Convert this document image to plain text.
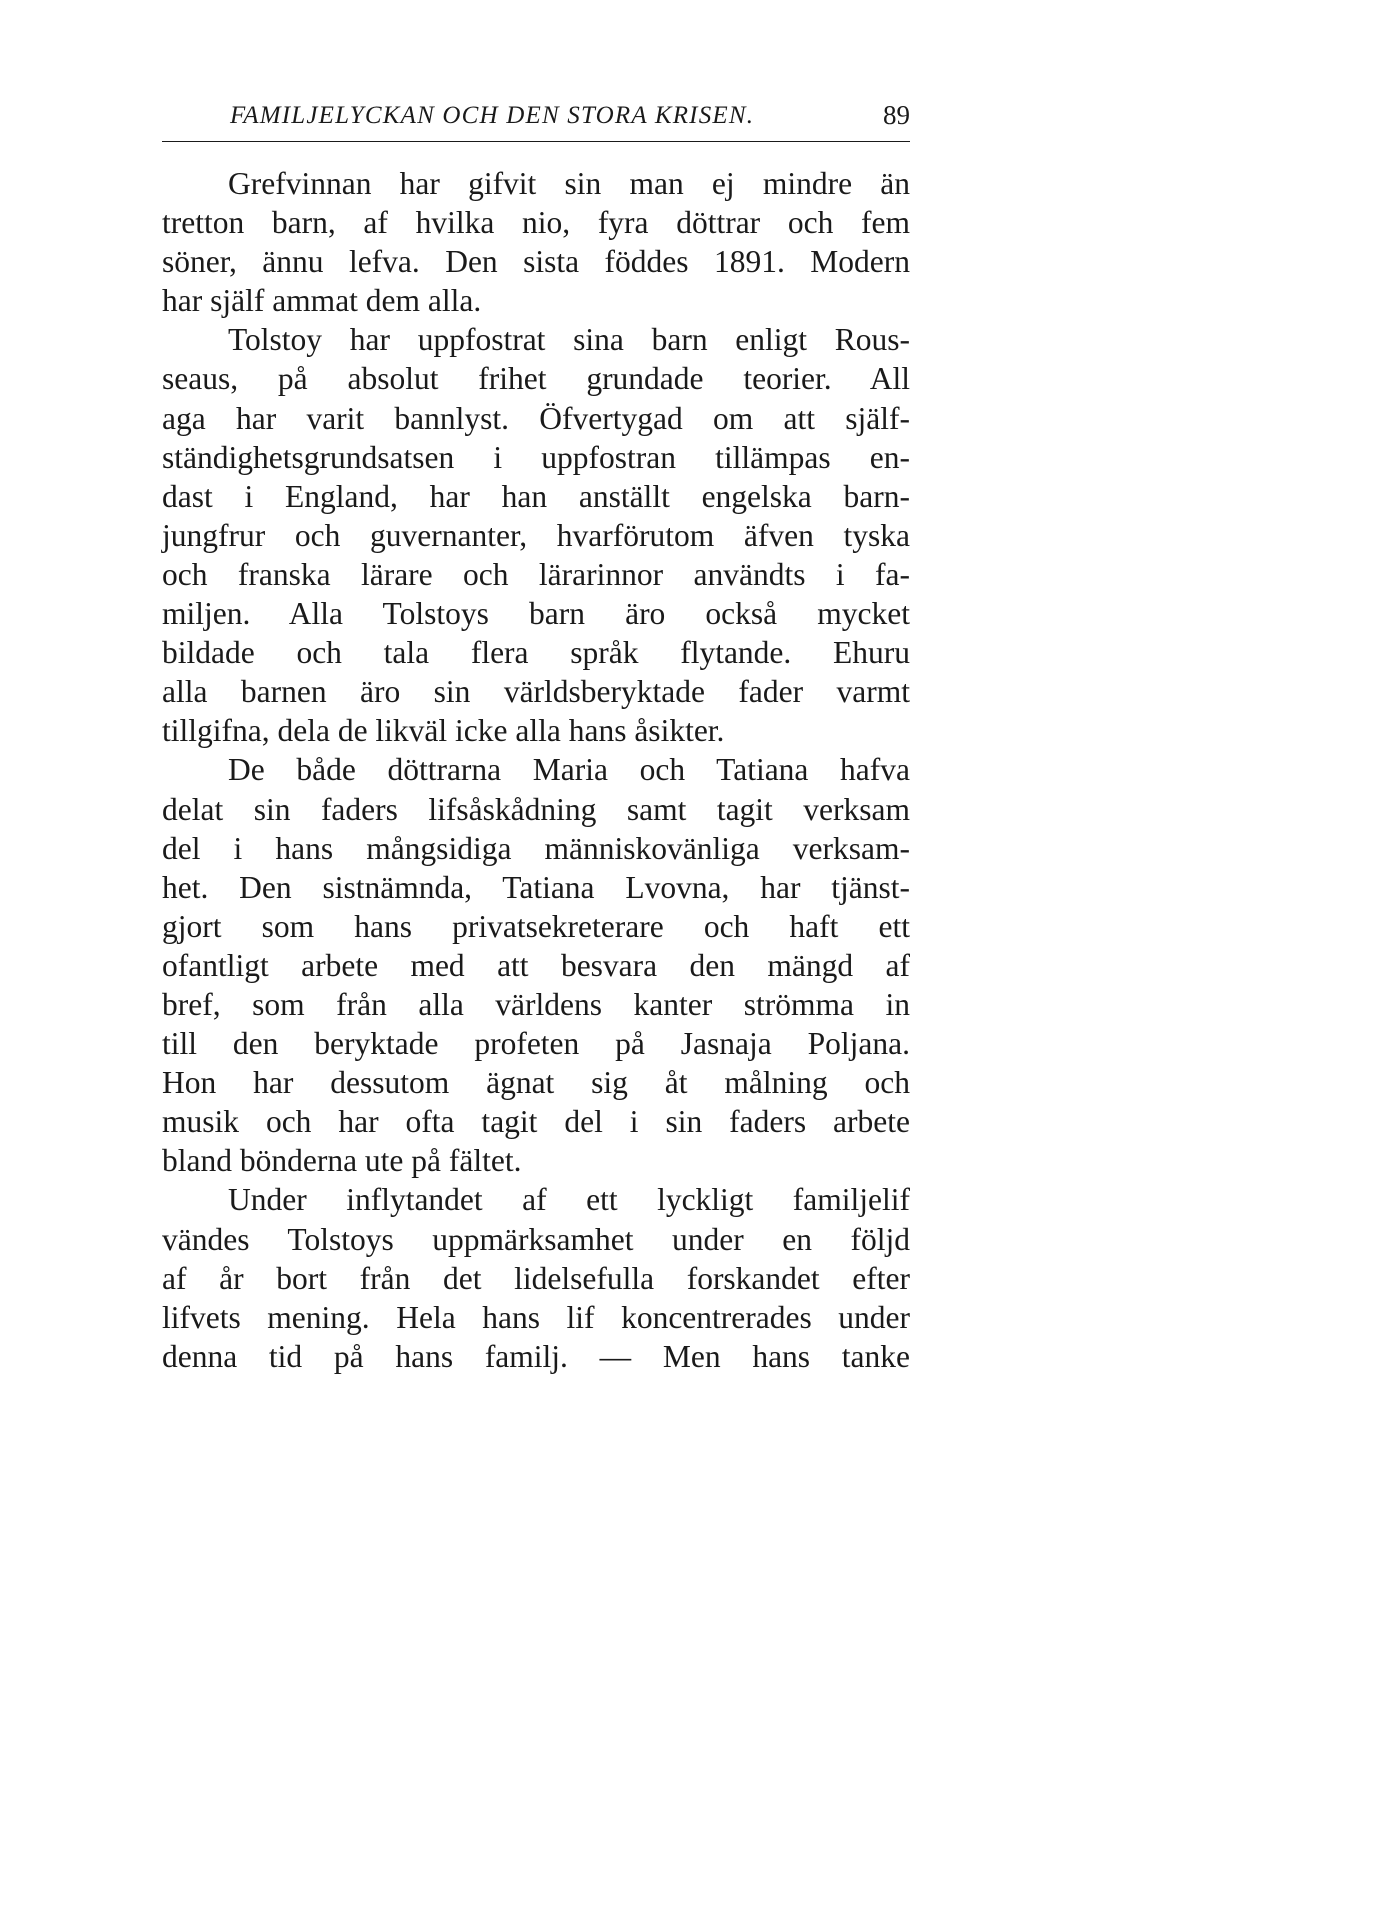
FAMILJELYCKAN OCH DEN STORA KRISEN.	89
Grefvinnan har gifvit sin man ej mindre än
tretton barn, af hvilka nio, fyra döttrar och fem
söner, ännu lefva. Den sista föddes 1891. Modern
har själf ammat dem alla.
Tolstoy har uppfostrat sina barn enligt Rous-
seaus, på absolut frihet grundade teorier. All
aga har varit bannlyst. Öfvertygad om att själf-
ständighetsgrundsatsen i uppfostran tillämpas en-
dast i England, har han anställt engelska barn-
jungfrur och guvernanter, hvarförutom äfven tyska
och franska lärare och lärarinnor användts i fa-
miljen. Alla Tolstoys barn äro också mycket
bildade och tala flera språk flytande. Ehuru
alla barnen äro sin världsberyktade fader varmt
tillgifna, dela de likväl icke alla hans åsikter.
De både döttrarna Maria och Tatiana hafva
delat sin faders lifsåskådning samt tagit verksam
del i hans mångsidiga människovänliga verksam-
het. Den sistnämnda, Tatiana Lvovna, har tjänst-
gjort som hans privatsekreterare och haft ett
ofantligt arbete med att besvara den mängd af
bref, som från alla världens kanter strömma in
till den beryktade profeten på Jasnaja Poljana.
Hon har dessutom ägnat sig åt målning och
musik och har ofta tagit del i sin faders arbete
bland bönderna ute på fältet.
Under inflytandet af ett lyckligt familjelif
vändes Tolstoys uppmärksamhet under en följd
af år bort från det lidelsefulla forskandet efter
lifvets mening. Hela hans lif koncentrerades under
denna tid på hans familj. — Men hans tanke
